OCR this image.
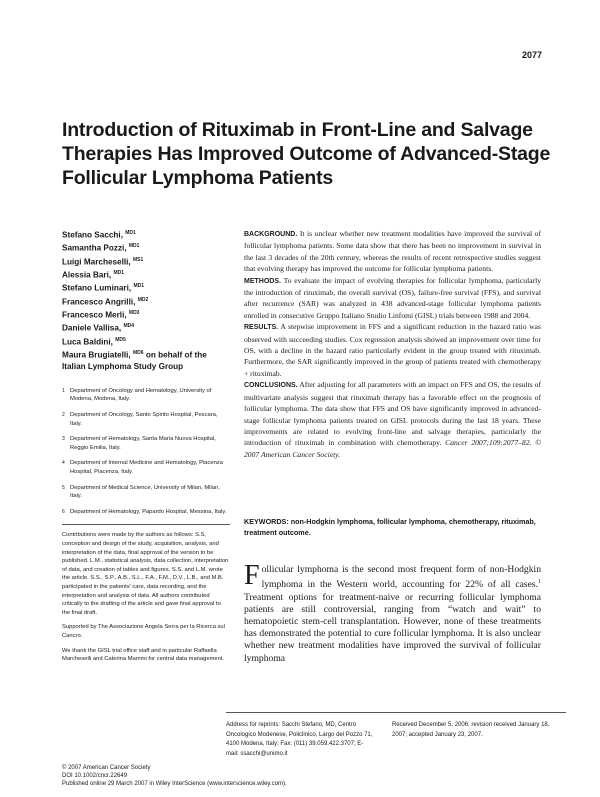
2077
Introduction of Rituximab in Front-Line and Salvage Therapies Has Improved Outcome of Advanced-Stage Follicular Lymphoma Patients
Stefano Sacchi, $^{MD1}$
Samantha Pozzi, $^{MD1}$
Luigi Marcheselli, $^{MS1}$
Alessia Bari, $^{MD1}$
Stefano Luminari, $^{MD1}$
Francesco Angrilli, $^{MD2}$
Francesco Merli, $^{MD3}$
Daniele Vallisa, $^{MD4}$
Luca Baldini, $^{MD5}$
Maura Brugiatelli, $^{MD6}$ on behalf of the Italian Lymphoma Study Group
1 Department of Oncology and Hematology, University of Modena, Modena, Italy.
2 Department of Oncology, Santo Spirito Hospital, Pescara, Italy.
3 Department of Hematology, Santa Maria Nuova Hospital, Reggio Emilia, Italy.
4 Department of Internal Medicine and Hematology, Piacenza Hospital, Piacenza, Italy.
5 Department of Medical Science, University of Milan, Milan, Italy.
6 Department of Hematology, Papardo Hospital, Messina, Italy.

Contributions were made by the authors as follows: S.S, conception and design of the study, acquisition, analysis, and interpretation of the data, final approval of the version to be published. L.M., statistical analysis, data collection, interpretation of data, and creation of tables and figures. S.S. and L.M. wrote the article. S.S., S.P., A.B., S.L., F.A., F.M., D.V., L.B., and M.B. participated in the patients' care, data recording, and the interpretation and analysis of data. All authors contributed critically to the drafting of the article and gave final approval to the final draft.

Supported by The Associazione Angela Serra per la Ricerca sul Cancro.

We thank the GISL trial office staff and in particular Raffaella Marcheselli and Caterina Mammi for central data management.

BACKGROUND. It is unclear whether new treatment modalities have improved the survival of follicular lymphoma patients. Some data show that there has been no improvement in survival in the last 3 decades of the 20th century, whereas the results of recent retrospective studies suggest that evolving therapy has improved the outcome for follicular lymphoma patients.

METHODS. To evaluate the impact of evolving therapies for follicular lymphoma, particularly the introduction of rituximab, the overall survival (OS), failure-free survival (FFS), and survival after recurrence (SAR) was analyzed in 438 advanced-stage follicular lymphoma patients enrolled in consecutive Gruppo Italiano Studio Linfomi (GISL) trials between 1988 and 2004.

RESULTS. A stepwise improvement in FFS and a significant reduction in the hazard ratio was observed with succeeding studies. Cox regression analysis showed an improvement over time for OS, with a decline in the hazard ratio particularly evident in the group treated with rituximab. Furthermore, the SAR significantly improved in the group of patients treated with chemotherapy + rituximab.

CONCLUSIONS. After adjusting for all parameters with an impact on FFS and OS, the results of multivariate analysis suggest that rituximab therapy has a favorable effect on the prognosis of follicular lymphoma. The data show that FFS and OS have significantly improved in advanced-stage follicular lymphoma patients treated on GISL protocols during the last 18 years. These improvements are related to evolving front-line and salvage therapies, particularly the introduction of rituximab in combination with chemotherapy. Cancer 2007;109:2077–82. © 2007 American Cancer Society.

KEYWORDS: non-Hodgkin lymphoma, follicular lymphoma, chemotherapy, rituximab, treatment outcome.

Follicular lymphoma is the second most frequent form of non-Hodgkin lymphoma in the Western world, accounting for 22% of all cases.$^1$ Treatment options for treatment-naive or recurring follicular lymphoma patients are still controversial, ranging from “watch and wait” to hematopoietic stem-cell transplantation. However, none of these treatments has demonstrated the potential to cure follicular lymphoma. It is also unclear whether new treatment modalities have improved the survival of follicular lymphoma

Address for reprints: Sacchi Stefano, MD, Centro Oncologico Modenese, Policlinico, Largo del Pozzo 71, 4100 Modena, Italy; Fax: (011) 39.059.422.3707; E-mail: ssacchi@unimo.it
Received December 5, 2006; revision received January 18, 2007; accepted January 23, 2007.
© 2007 American Cancer Society
DOI 10.1002/cncr.22649
Published online 29 March 2007 in Wiley InterScience (www.interscience.wiley.com).
